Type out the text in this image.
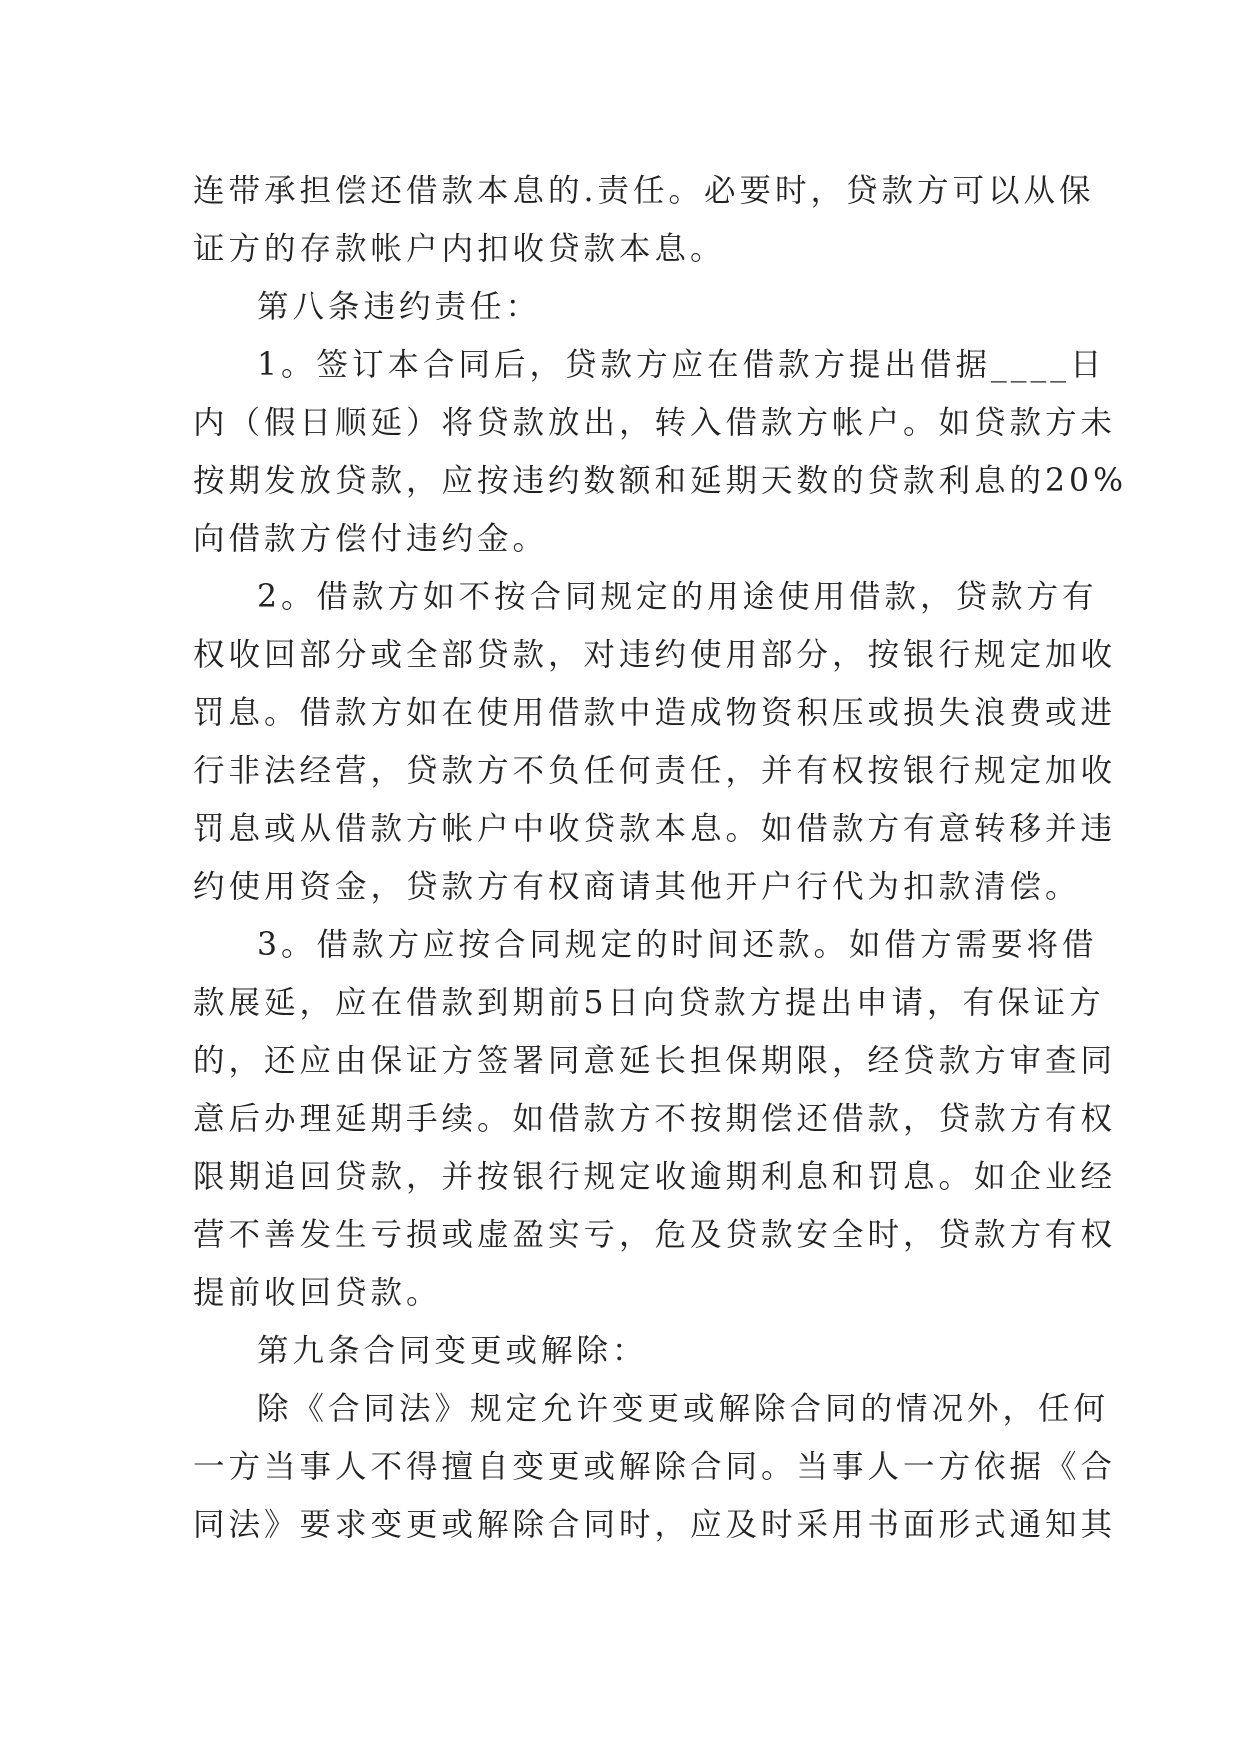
连带承担偿还借款本息的.责任。必要时，贷款方可以从保
证方的存款帐户内扣收贷款本息。
第八条违约责任：
1。签订本合同后，贷款方应在借款方提出借据____日
内（假日顺延）将贷款放出，转入借款方帐户。如贷款方未
按期发放贷款，应按违约数额和延期天数的贷款利息的20%
向借款方偿付违约金。
2。借款方如不按合同规定的用途使用借款，贷款方有
权收回部分或全部贷款，对违约使用部分，按银行规定加收
罚息。借款方如在使用借款中造成物资积压或损失浪费或进
行非法经营，贷款方不负任何责任，并有权按银行规定加收
罚息或从借款方帐户中收贷款本息。如借款方有意转移并违
约使用资金，贷款方有权商请其他开户行代为扣款清偿。
3。借款方应按合同规定的时间还款。如借方需要将借
款展延，应在借款到期前5日向贷款方提出申请，有保证方
的，还应由保证方签署同意延长担保期限，经贷款方审查同
意后办理延期手续。如借款方不按期偿还借款，贷款方有权
限期追回贷款，并按银行规定收逾期利息和罚息。如企业经
营不善发生亏损或虚盈实亏，危及贷款安全时，贷款方有权
提前收回贷款。
第九条合同变更或解除：
除《合同法》规定允许变更或解除合同的情况外，任何
一方当事人不得擅自变更或解除合同。当事人一方依据《合
同法》要求变更或解除合同时，应及时采用书面形式通知其
